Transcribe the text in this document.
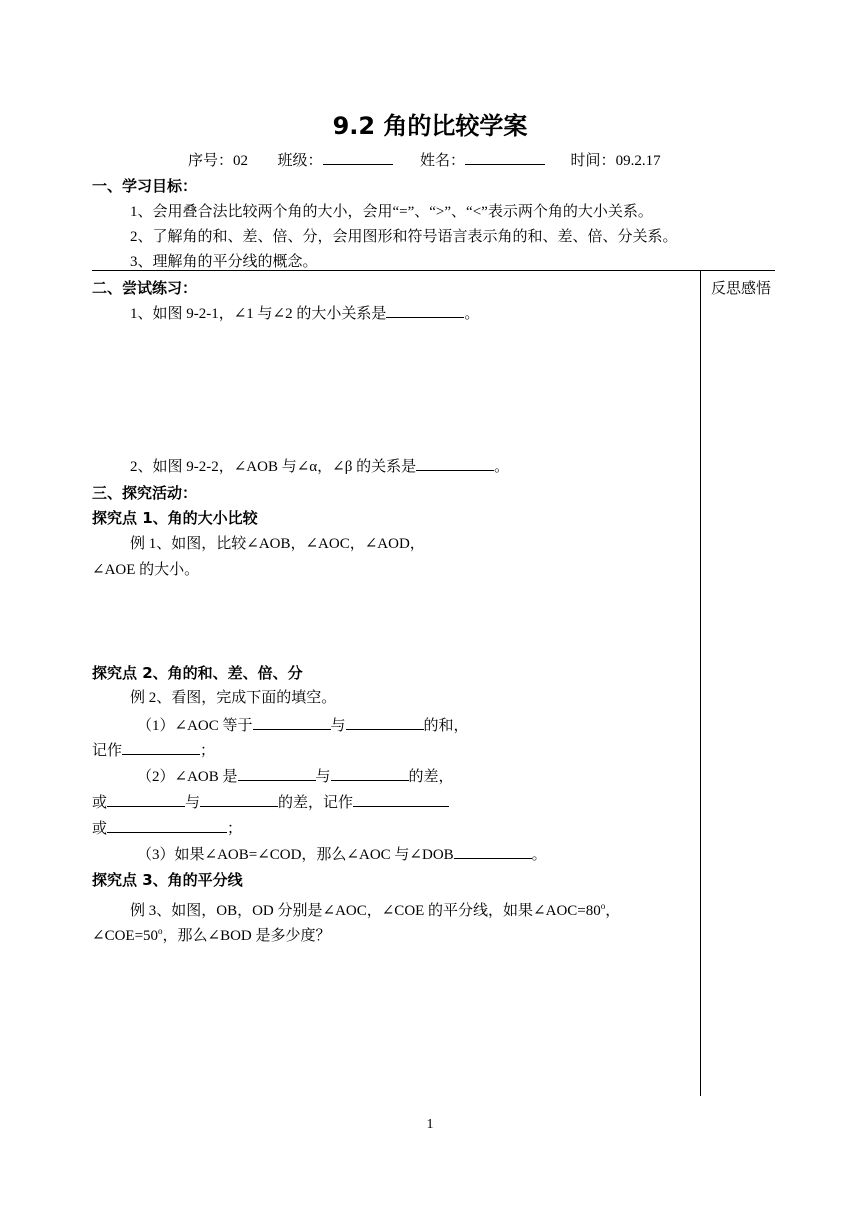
9.2 角的比较学案
序号：02 班级：	姓名：	时间：09.2.17
一、学习目标：
1、会用叠合法比较两个角的大小，会用“=”、“>”、“<”表示两个角的大小关系。
2、了解角的和、差、倍、分，会用图形和符号语言表示角的和、差、倍、分关系。
3、理解角的平分线的概念。
反思感悟
二、尝试练习：
1、如图 9-2-1，∠1 与∠2 的大小关系是	。
2、如图 9-2-2，∠AOB 与∠α，∠β 的关系是	。
三、探究活动：
探究点 1、角的大小比较
例 1、如图，比较∠AOB，∠AOC，∠AOD，
∠AOE 的大小。
探究点 2、角的和、差、倍、分
例 2、看图，完成下面的填空。
（1）∠AOC 等于	与	的和，
记作	；
（2）∠AOB 是	与	的差，
或	与	的差，记作
或	；
（3）如果∠AOB=∠COD，那么∠AOC 与∠DOB	。
探究点 3、角的平分线
例 3、如图，OB，OD 分别是∠AOC，∠COE 的平分线，如果$\angle AOC=80^o$，
$\angle COE=50^o$，那么∠BOD 是多少度？
1
